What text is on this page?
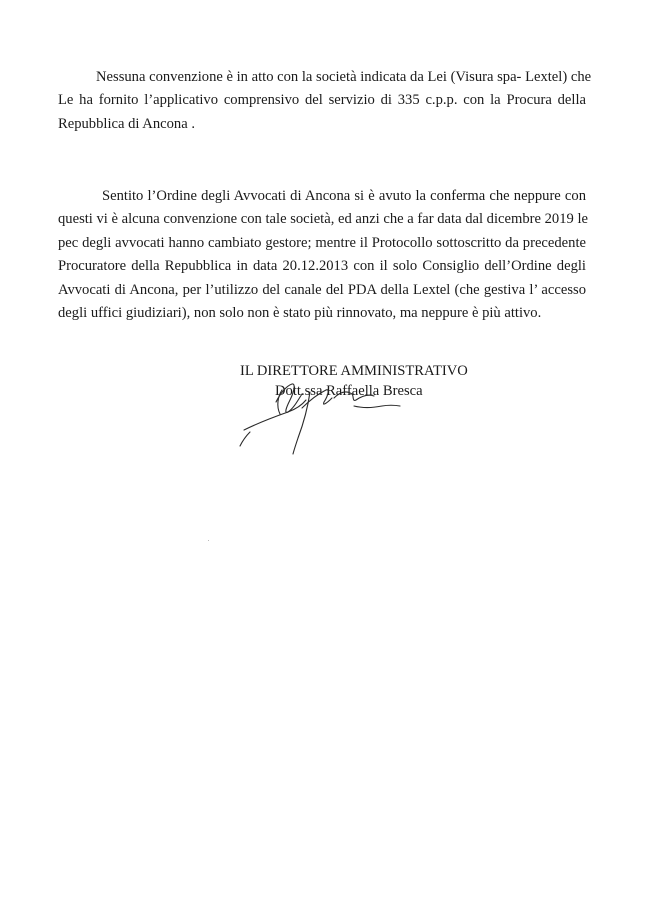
Nessuna convenzione è in atto con la società indicata da Lei (Visura spa- Lextel) che
Le ha fornito l’applicativo comprensivo del servizio di 335 c.p.p. con la Procura della
Repubblica di Ancona .

Sentito l’Ordine degli Avvocati di Ancona si è avuto la conferma che neppure con
questi vi è alcuna convenzione con tale società, ed anzi che a far data dal dicembre 2019 le
pec degli avvocati hanno cambiato gestore; mentre il Protocollo sottoscritto da precedente
Procuratore della Repubblica in data 20.12.2013 con il solo Consiglio dell’Ordine degli
Avvocati di Ancona, per l’utilizzo del canale del PDA della Lextel (che gestiva l’ accesso
degli uffici giudiziari), non solo non è stato più rinnovato, ma neppure è più attivo.

IL DIRETTORE AMMINISTRATIVO
Dott.ssa Raffaella Bresca
